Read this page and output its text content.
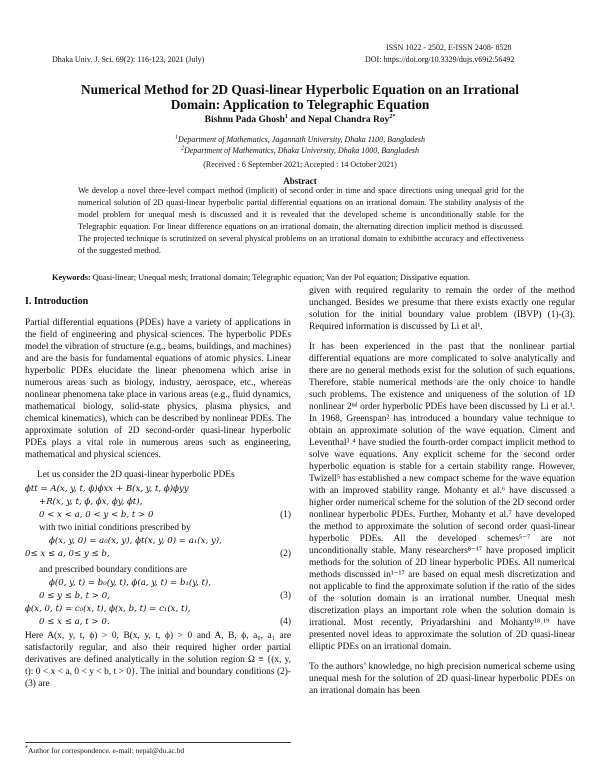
ISSN 1022 - 2502, E-ISSN 2408- 8528
Dhaka Univ. J. Sci. 69(2): 116-123, 2021 (July)	DOI: https://doi.org/10.3329/dujs.v69i2.56492
Numerical Method for 2D Quasi-linear Hyperbolic Equation on an Irrational Domain: Application to Telegraphic Equation
Bishnu Pada Ghosh$^1$ and Nepal Chandra Roy$^{2*}$
$^1$Department of Mathematics, Jagannath University, Dhaka 1100, Bangladesh
$^2$Department of Mathematics, Dhaka University, Dhaka 1000, Bangladesh
(Received : 6 September 2021; Accepted : 14 October 2021)
Abstract
We develop a novel three-level compact method (implicit) of second order in time and space directions using unequal grid for the numerical solution of 2D quasi-linear hyperbolic partial differential equations on an irrational domain. The stability analysis of the model problem for unequal mesh is discussed and it is revealed that the developed scheme is unconditionally stable for the Telegraphic equation. For linear difference equations on an irrational domain, the alternating direction implicit method is discussed. The projected technique is scrutinized on several physical problems on an irrational domain to exhibitthe accuracy and effectiveness of the suggested method.
Keywords: Quasi-linear; Unequal mesh; Irrational domain; Telegraphic equation; Van der Pol equation; Dissipative equation.
I. Introduction

Partial differential equations (PDEs) have a variety of applications in the field of engineering and physical sciences. The hyperbolic PDEs model the vibration of structure (e.g., beams, buildings, and machines) and are the basis for fundamental equations of atomic physics. Linear hyperbolic PDEs elucidate the linear phenomena which arise in numerous areas such as biology, industry, aerospace, etc., whereas nonlinear phenomena take place in various areas (e.g., fluid dynamics, mathematical biology, solid-state physics, plasma physics, and chemical kinematics), which can be described by nonlinear PDEs. The approximate solution of 2D second-order quasi-linear hyperbolic PDEs plays a vital role in numerous areas such as engineering, mathematical and physical sciences.

Let us consider the 2D quasi-linear hyperbolic PDEs

ϕtt = A(x, y, t, ϕ)ϕxx + B(x, y, t, ϕ)ϕyy
+R(x, y, t, ϕ, ϕx, ϕy, ϕt),
0 < x < a, 0 < y < b, t > 0	(1)
with two initial conditions prescribed by
ϕ(x, y, 0) = a₀(x, y), ϕt(x, y, 0) = a₁(x, y),
0≤ x ≤ a, 0≤ y ≤ b,	(2)
and prescribed boundary conditions are
ϕ(0, y, t) = b₀(y, t), ϕ(a, y, t) = b₁(y, t),
0 ≤ y ≤ b, t > 0,	(3)
ϕ(x, 0, t) = c₀(x, t), ϕ(x, b, t) = c₁(x, t),
0 ≤ x ≤ a, t > 0.	(4)

Here A(x, y, t, ϕ) > 0, B(x, y, t, ϕ) > 0 and A, B, ϕ, a₀, a₁ are satisfactorily regular, and also their required higher order partial derivatives are defined analytically in the solution region Ω ≡ {(x, y, t): 0 < x < a, 0 < y < b, t > 0}. The initial and boundary conditions (2)-(3) are

*Author for correspondence. e-mail: nepal@du.ac.bd

given with required regularity to remain the order of the method unchanged. Besides we presume that there exists exactly one regular solution for the initial boundary value problem (IBVP) (1)-(3). Required information is discussed by Li et al¹.

It has been experienced in the past that the nonlinear partial differential equations are more complicated to solve analytically and there are no general methods exist for the solution of such equations. Therefore, stable numerical methods are the only choice to handle such problems. The existence and uniqueness of the solution of 1D nonlinear 2ⁿᵈ order hyperbolic PDEs have been discussed by Li et al.¹. In 1968, Greenspan² has introduced a boundary value technique to obtain an approximate solution of the wave equation. Ciment and Leventhal³˒⁴ have studied the fourth-order compact implicit method to solve wave equations. Any explicit scheme for the second order hyperbolic equation is stable for a certain stability range. However, Twizell⁵ has established a new compact scheme for the wave equation with an improved stability range. Mohanty et al.⁶ have discussed a higher order numerical scheme for the solution of the 2D second order nonlinear hyperbolic PDEs. Further, Mohanty et al.⁷ have developed the method to approximate the solution of second order quasi-linear hyperbolic PDEs. All the developed schemes⁵⁻⁷ are not unconditionally stable. Many researchers⁸⁻¹⁷ have proposed implicit methods for the solution of 2D linear hyperbolic PDEs. All numerical methods discussed in¹⁻¹⁷ are based on equal mesh discretization and not applicable to find the approximate solution if the ratio of the sides of the solution domain is an irrational number. Unequal mesh discretization plays an important role when the solution domain is irrational. Most recently, Priyadarshini and Mohanty¹⁸˒¹⁹ have presented novel ideas to approximate the solution of 2D quasi-linear elliptic PDEs on an irrational domain.

To the authors’ knowledge, no high precision numerical scheme using unequal mesh for the solution of 2D quasi-linear hyperbolic PDEs on an irrational domain has been
